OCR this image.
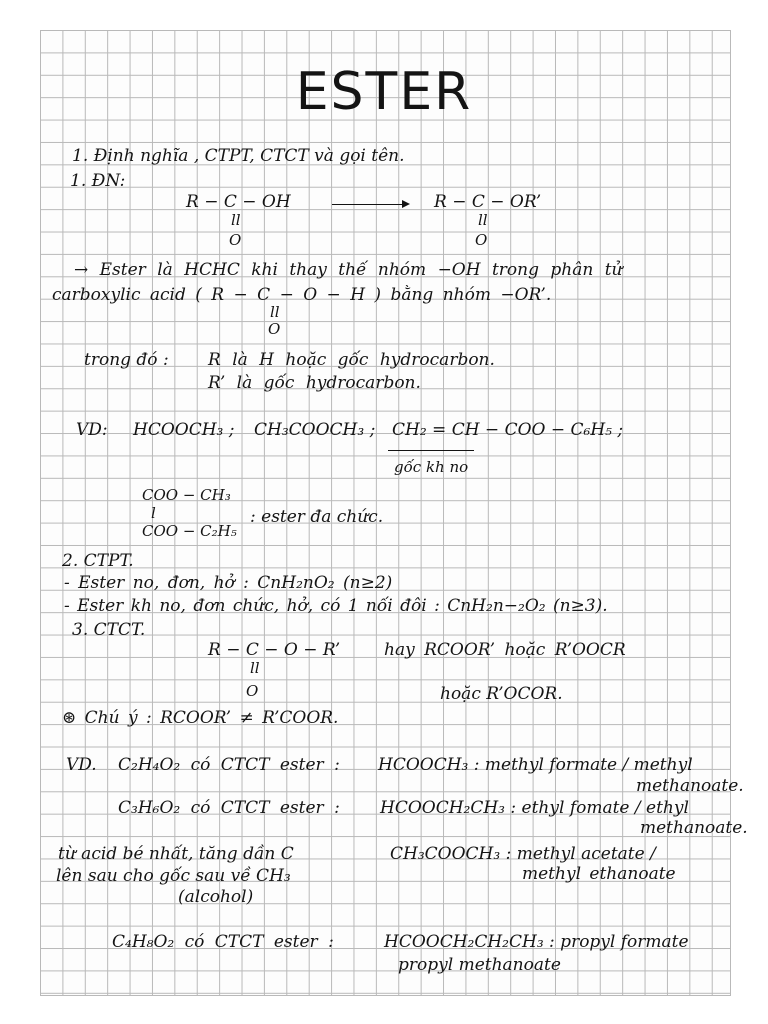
ESTER
1. Định nghĩa , CTPT, CTCT và gọi tên.
1. ĐN:
R − C − OH
ll
O
R − C − OR’
ll
O
→ Ester là HCHC khi thay thế nhóm −OH trong phân tử
carboxylic acid ( R − C − O − H ) bằng nhóm −OR’.
ll
O
trong đó : R là H hoặc gốc hydrocarbon.
R’ là gốc hydrocarbon.
VD: HCOOCH₃ ; CH₃COOCH₃ ; CH₂ = CH − COO − C₆H₅ ;
gốc kh no
COO − CH₃
l
COO − C₂H₅
: ester đa chức.
2. CTPT.
- Ester no, đơn, hở : CnH₂nO₂ (n≥2)
- Ester kh no, đơn chức, hở, có 1 nối đôi : CnH₂n−₂O₂ (n≥3).
3. CTCT.
R − C − O − R’
ll
O
hay RCOOR’ hoặc R’OOCR
hoặc R’OCOR.
⊛ Chú ý : RCOOR’ ≠ R’COOR.
VD. C₂H₄O₂ có CTCT ester : HCOOCH₃ : methyl formate / methyl
methanoate.
C₃H₆O₂ có CTCT ester : HCOOCH₂CH₃ : ethyl fomate / ethyl
methanoate.
từ acid bé nhất, tăng dần C
lên sau cho gốc sau về CH₃
(alcohol)
CH₃COOCH₃ : methyl acetate /
methyl ethanoate
C₄H₈O₂ có CTCT ester :	HCOOCH₂CH₂CH₃ : propyl formate
propyl methanoate
